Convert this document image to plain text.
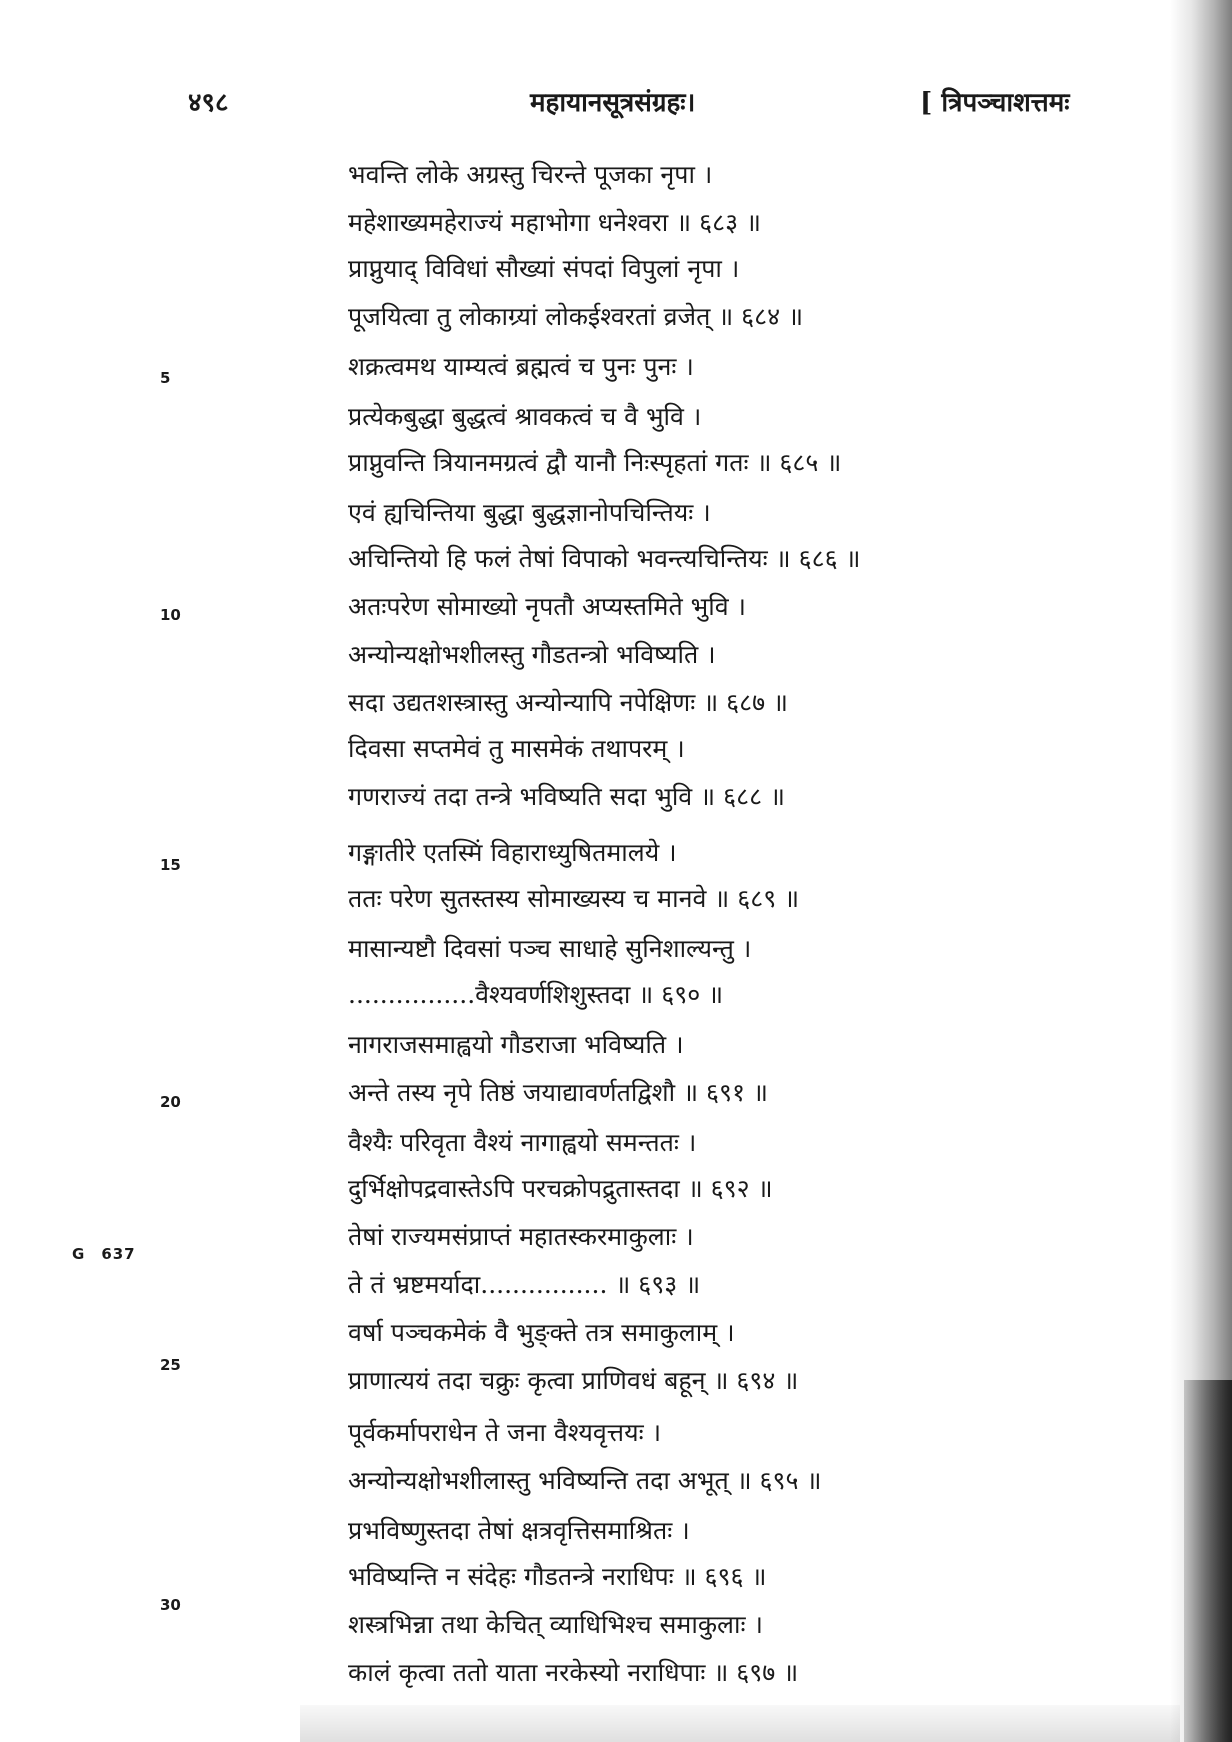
४९८	महायानसूत्रसंग्रहः।	[ त्रिपञ्चाशत्तमः
5
10
15
20
25
30
G 637
भवन्ति लोके अग्रस्तु चिरन्ते पूजका नृपा ।
महेशाख्यमहेराज्यं महाभोगा धनेश्वरा ॥ ६८३ ॥
प्राप्नुयाद् विविधां सौख्यां संपदां विपुलां नृपा ।
पूजयित्वा तु लोकाग्र्यां लोकईश्वरतां व्रजेत् ॥ ६८४ ॥
शक्रत्वमथ याम्यत्वं ब्रह्मत्वं च पुनः पुनः ।
प्रत्येकबुद्धा बुद्धत्वं श्रावकत्वं च वै भुवि ।
प्राप्नुवन्ति त्रियानमग्रत्वं द्वौ यानौ निःस्पृहतां गतः ॥ ६८५ ॥
एवं ह्यचिन्तिया बुद्धा बुद्धज्ञानोपचिन्तियः ।
अचिन्तियो हि फलं तेषां विपाको भवन्त्यचिन्तियः ॥ ६८६ ॥
अतःपरेण सोमाख्यो नृपतौ अप्यस्तमिते भुवि ।
अन्योन्यक्षोभशीलस्तु गौडतन्त्रो भविष्यति ।
सदा उद्यतशस्त्रास्तु अन्योन्यापि नपेक्षिणः ॥ ६८७ ॥
दिवसा सप्तमेवं तु मासमेकं तथापरम् ।
गणराज्यं तदा तन्त्रे भविष्यति सदा भुवि ॥ ६८८ ॥
गङ्गातीरे एतस्मिं विहाराध्युषितमालये ।
ततः परेण सुतस्तस्य सोमाख्यस्य च मानवे ॥ ६८९ ॥
मासान्यष्टौ दिवसां पञ्च साधाहे सुनिशाल्यन्तु ।
................वैश्यवर्णशिशुस्तदा ॥ ६९० ॥
नागराजसमाह्वयो गौडराजा भविष्यति ।
अन्ते तस्य नृपे तिष्ठं जयाद्यावर्णतद्विशौ ॥ ६९१ ॥
वैश्यैः परिवृता वैश्यं नागाह्वयो समन्ततः ।
दुर्भिक्षोपद्रवास्तेऽपि परचक्रोपद्रुतास्तदा ॥ ६९२ ॥
तेषां राज्यमसंप्राप्तं महातस्करमाकुलाः ।
ते तं भ्रष्टमर्यादा................ ॥ ६९३ ॥
वर्षा पञ्चकमेकं वै भुङ्क्ते तत्र समाकुलाम् ।
प्राणात्ययं तदा चक्रुः कृत्वा प्राणिवधं बहून् ॥ ६९४ ॥
पूर्वकर्मापराधेन ते जना वैश्यवृत्तयः ।
अन्योन्यक्षोभशीलास्तु भविष्यन्ति तदा अभूत् ॥ ६९५ ॥
प्रभविष्णुस्तदा तेषां क्षत्रवृत्तिसमाश्रितः ।
भविष्यन्ति न संदेहः गौडतन्त्रे नराधिपः ॥ ६९६ ॥
शस्त्रभिन्ना तथा केचित् व्याधिभिश्च समाकुलाः ।
कालं कृत्वा ततो याता नरकेस्यो नराधिपाः ॥ ६९७ ॥
